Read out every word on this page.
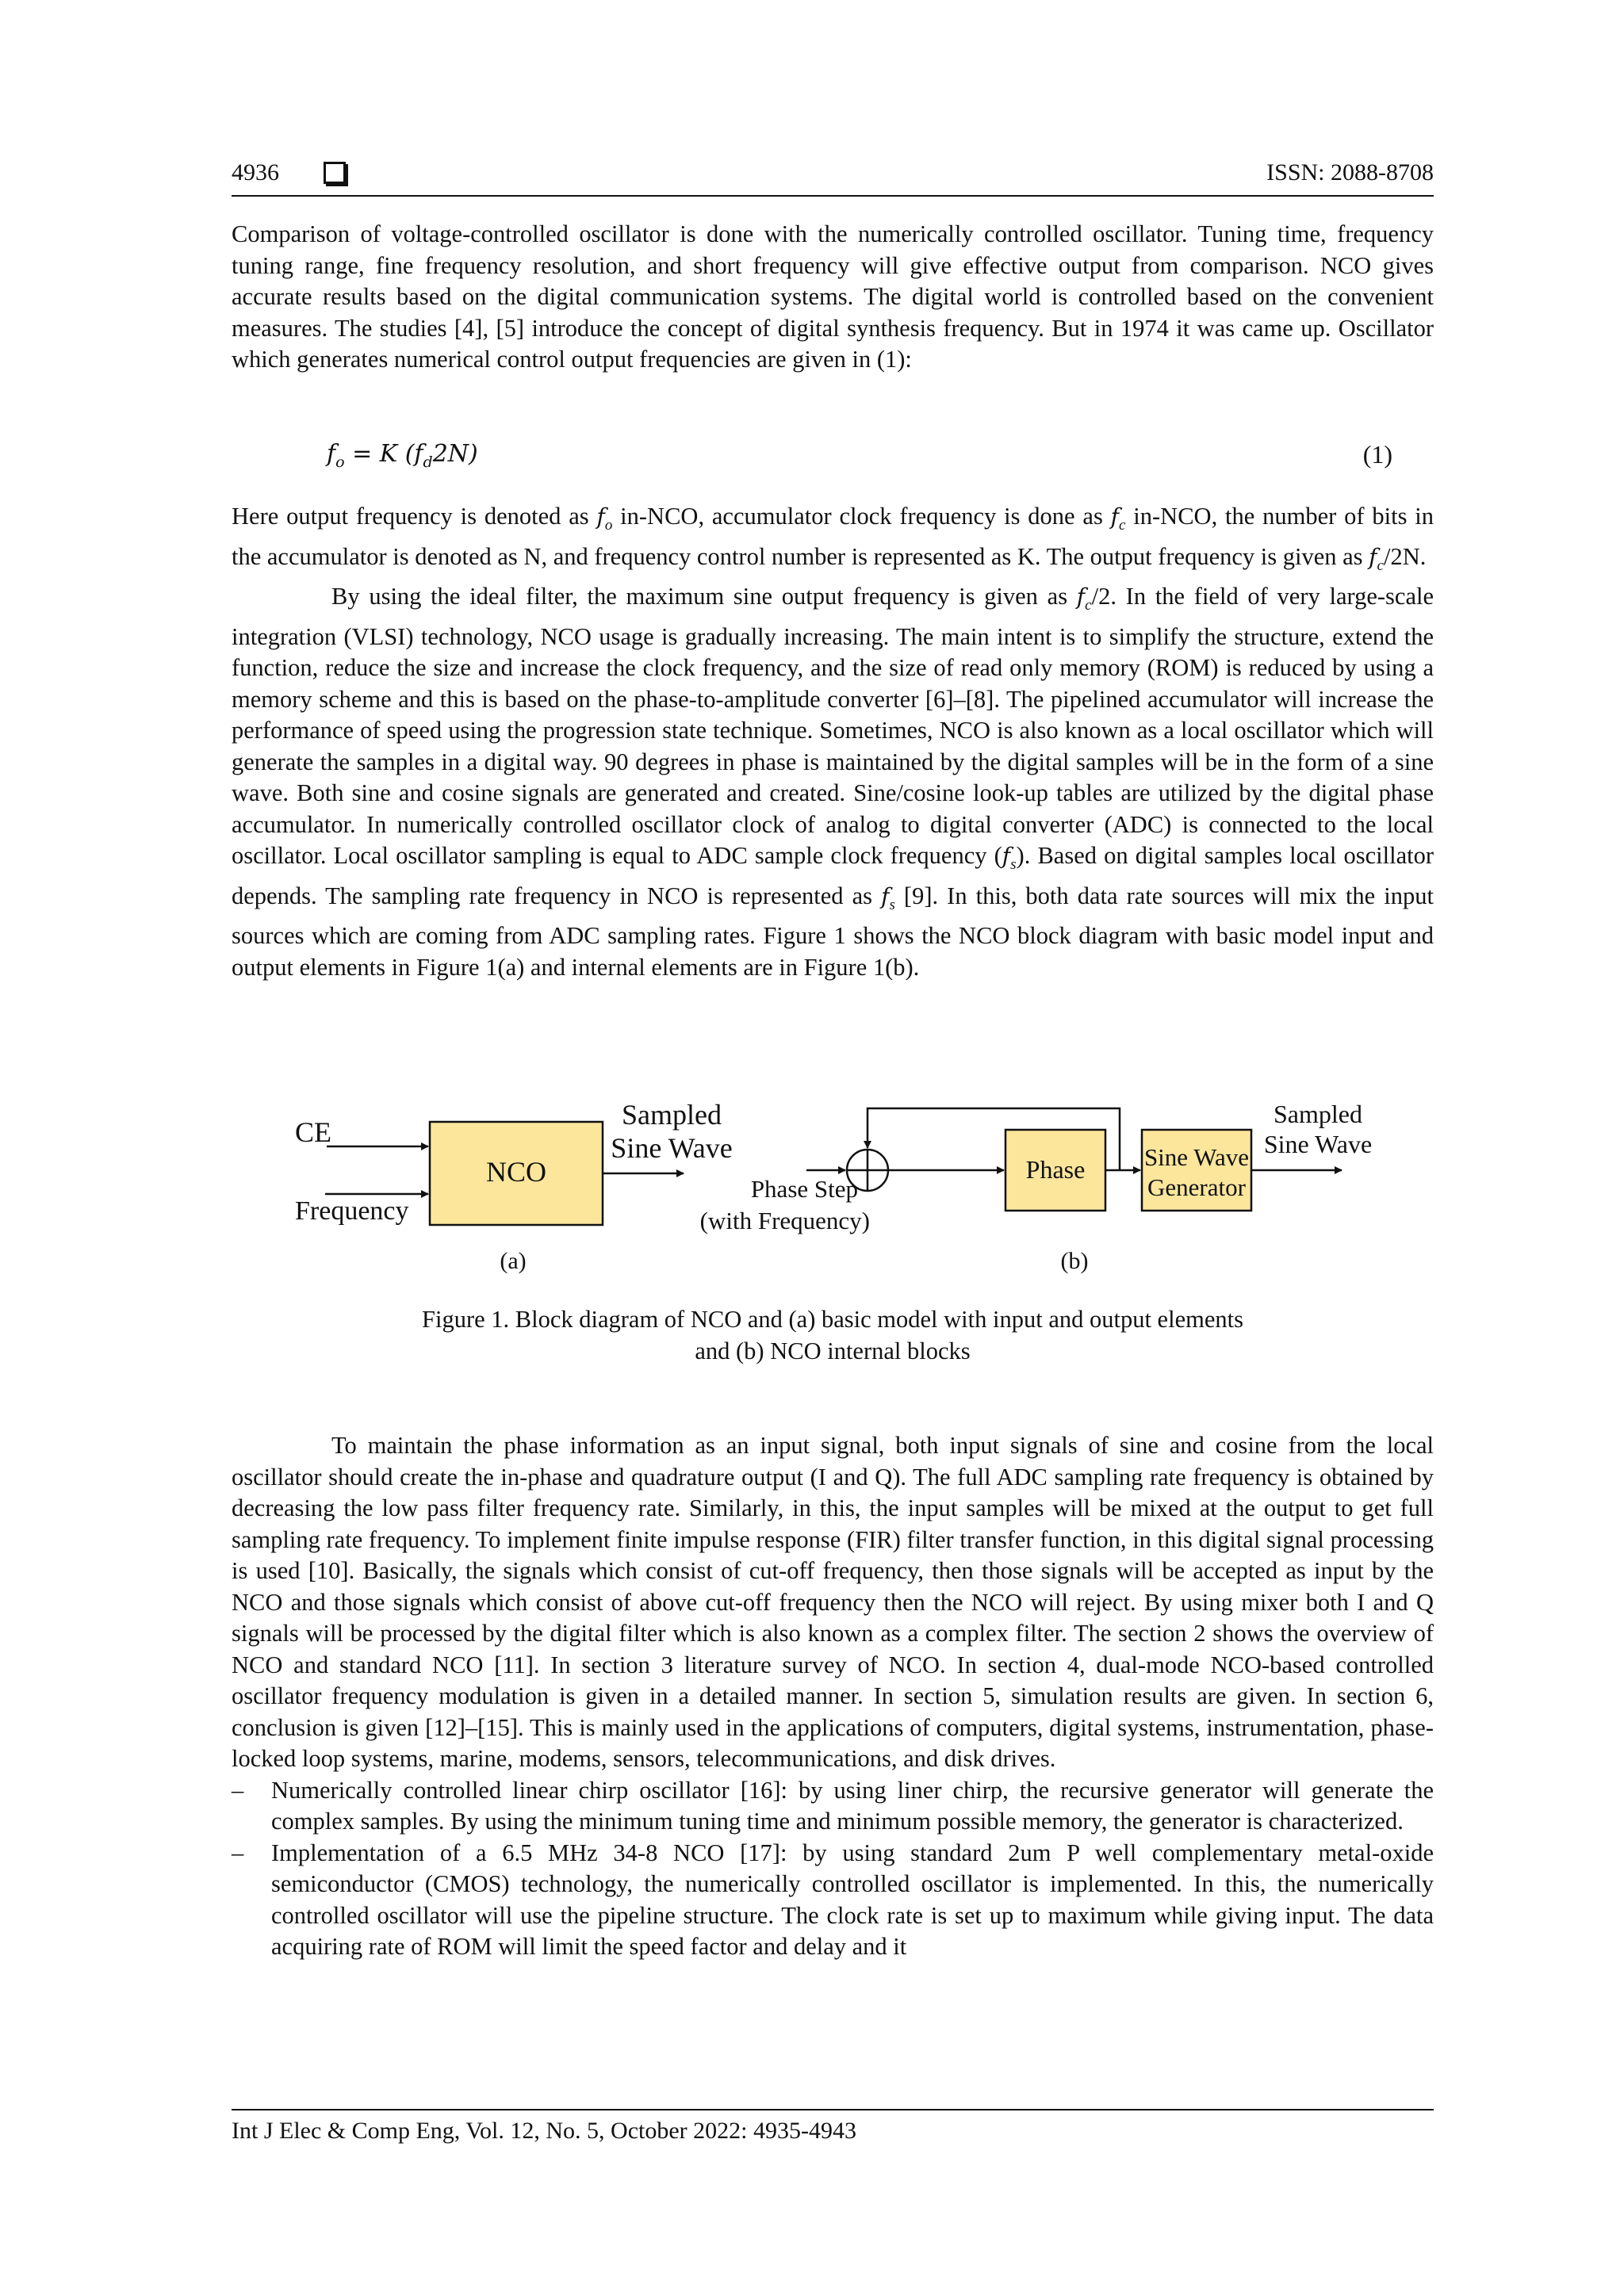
4936	ISSN: 2088-8708

Comparison of voltage-controlled oscillator is done with the numerically controlled oscillator. Tuning time, frequency tuning range, fine frequency resolution, and short frequency will give effective output from comparison. NCO gives accurate results based on the digital communication systems. The digital world is controlled based on the convenient measures. The studies [4], [5] introduce the concept of digital synthesis frequency. But in 1974 it was came up. Oscillator which generates numerical control output frequencies are given in (1):

$f_o = K$ $(f_d2N)$	(1)

Here output frequency is denoted as $f_o$ in-NCO, accumulator clock frequency is done as $f_c$ in-NCO, the number of bits in the accumulator is denoted as N, and frequency control number is represented as K. The output frequency is given as $f_c/2N$.

By using the ideal filter, the maximum sine output frequency is given as $f_c/2$. In the field of very large-scale integration (VLSI) technology, NCO usage is gradually increasing. The main intent is to simplify the structure, extend the function, reduce the size and increase the clock frequency, and the size of read only memory (ROM) is reduced by using a memory scheme and this is based on the phase-to-amplitude converter [6]–[8]. The pipelined accumulator will increase the performance of speed using the progression state technique. Sometimes, NCO is also known as a local oscillator which will generate the samples in a digital way. 90 degrees in phase is maintained by the digital samples will be in the form of a sine wave. Both sine and cosine signals are generated and created. Sine/cosine look-up tables are utilized by the digital phase accumulator. In numerically controlled oscillator clock of analog to digital converter (ADC) is connected to the local oscillator. Local oscillator sampling is equal to ADC sample clock frequency $(f_s)$. Based on digital samples local oscillator depends. The sampling rate frequency in NCO is represented as $f_s$ [9]. In this, both data rate sources will mix the input sources which are coming from ADC sampling rates. Figure 1 shows the NCO block diagram with basic model input and output elements in Figure 1(a) and internal elements are in Figure 1(b).

CE
Frequency
NCO
Sampled
Sine Wave
Phase Sine Wave
Generator
Sampled
Sine Wave
Phase Step
(with Frequency)
(a)	(b)
Figure 1. Block diagram of NCO and (a) basic model with input and output elements
and (b) NCO internal blocks

To maintain the phase information as an input signal, both input signals of sine and cosine from the local oscillator should create the in-phase and quadrature output (I and Q). The full ADC sampling rate frequency is obtained by decreasing the low pass filter frequency rate. Similarly, in this, the input samples will be mixed at the output to get full sampling rate frequency. To implement finite impulse response (FIR) filter transfer function, in this digital signal processing is used [10]. Basically, the signals which consist of cut-off frequency, then those signals will be accepted as input by the NCO and those signals which consist of above cut-off frequency then the NCO will reject. By using mixer both I and Q signals will be processed by the digital filter which is also known as a complex filter. The section 2 shows the overview of NCO and standard NCO [11]. In section 3 literature survey of NCO. In section 4, dual-mode NCO-based controlled oscillator frequency modulation is given in a detailed manner. In section 5, simulation results are given. In section 6, conclusion is given [12]–[15]. This is mainly used in the applications of computers, digital systems, instrumentation, phase-locked loop systems, marine, modems, sensors, telecommunications, and disk drives.

– Numerically controlled linear chirp oscillator [16]: by using liner chirp, the recursive generator will generate the complex samples. By using the minimum tuning time and minimum possible memory, the generator is characterized.
– Implementation of a 6.5 MHz 34-8 NCO [17]: by using standard 2um P well complementary metal-oxide semiconductor (CMOS) technology, the numerically controlled oscillator is implemented. In this, the numerically controlled oscillator will use the pipeline structure. The clock rate is set up to maximum while giving input. The data acquiring rate of ROM will limit the speed factor and delay and it
Int J Elec & Comp Eng, Vol. 12, No. 5, October 2022: 4935-4943
